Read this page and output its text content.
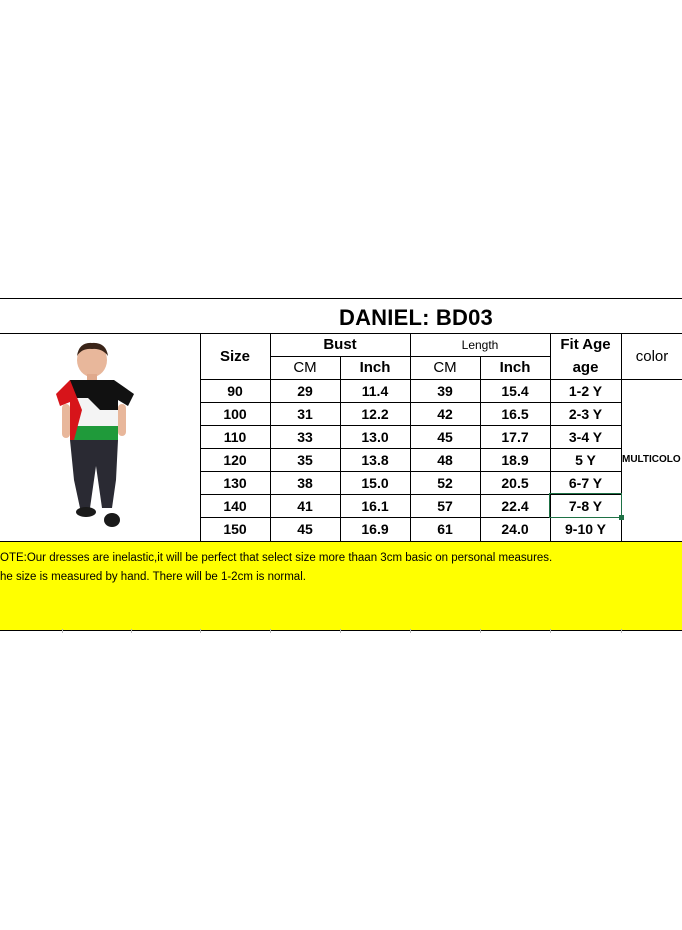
DANIEL: BD03
Size
Bust	Length	Fit Age
color
CM	Inch	CM	Inch	age
90	29	11.4	39	15.4	1-2 Y
100	31	12.2	42	16.5	2-3 Y
110	33	13.0	45	17.7	3-4 Y
120	35	13.8	48	18.9	5 Y
130	38	15.0	52	20.5	6-7 Y
140	41	16.1	57	22.4	7-8 Y
150	45	16.9	61	24.0	9-10 Y
MULTICOLO
OTE:Our dresses are inelastic,it will be perfect that select size more thaan 3cm basic on personal measures.
he size is measured by hand. There will be 1-2cm is normal.
